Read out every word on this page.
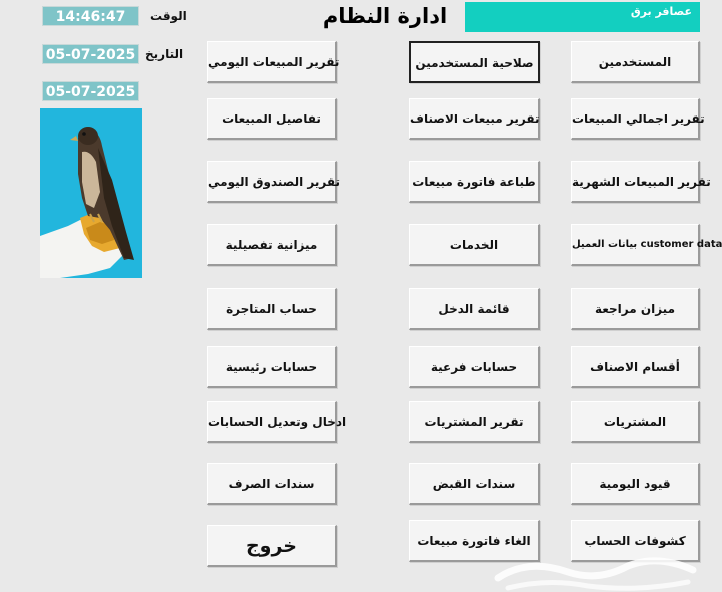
ادارة النظام	عصافر برق
14:46:47	الوقت
05-07-2025 التاريخ
05-07-2025
تقرير المبيعات اليومي
تفاصيل المبيعات
تقرير الصندوق اليومي
ميزانية تفصيلية
حساب المتاجرة
حسابات رئيسية
ادخال وتعديل الحسابات
سندات الصرف
خروج
صلاحية المستخدمين
تقرير مبيعات الاصناف
طباعة فاتورة مبيعات
الخدمات
قائمة الدخل
حسابات فرعية
تقرير المشتريات
سندات القبض
الغاء فاتورة مبيعات
المستخدمين
تقرير اجمالي المبيعات
تقرير المبيعات الشهرية
بيانات العميل customer data
ميزان مراجعة
أقسام الاصناف
المشتريات
قيود اليومية
كشوفات الحساب
